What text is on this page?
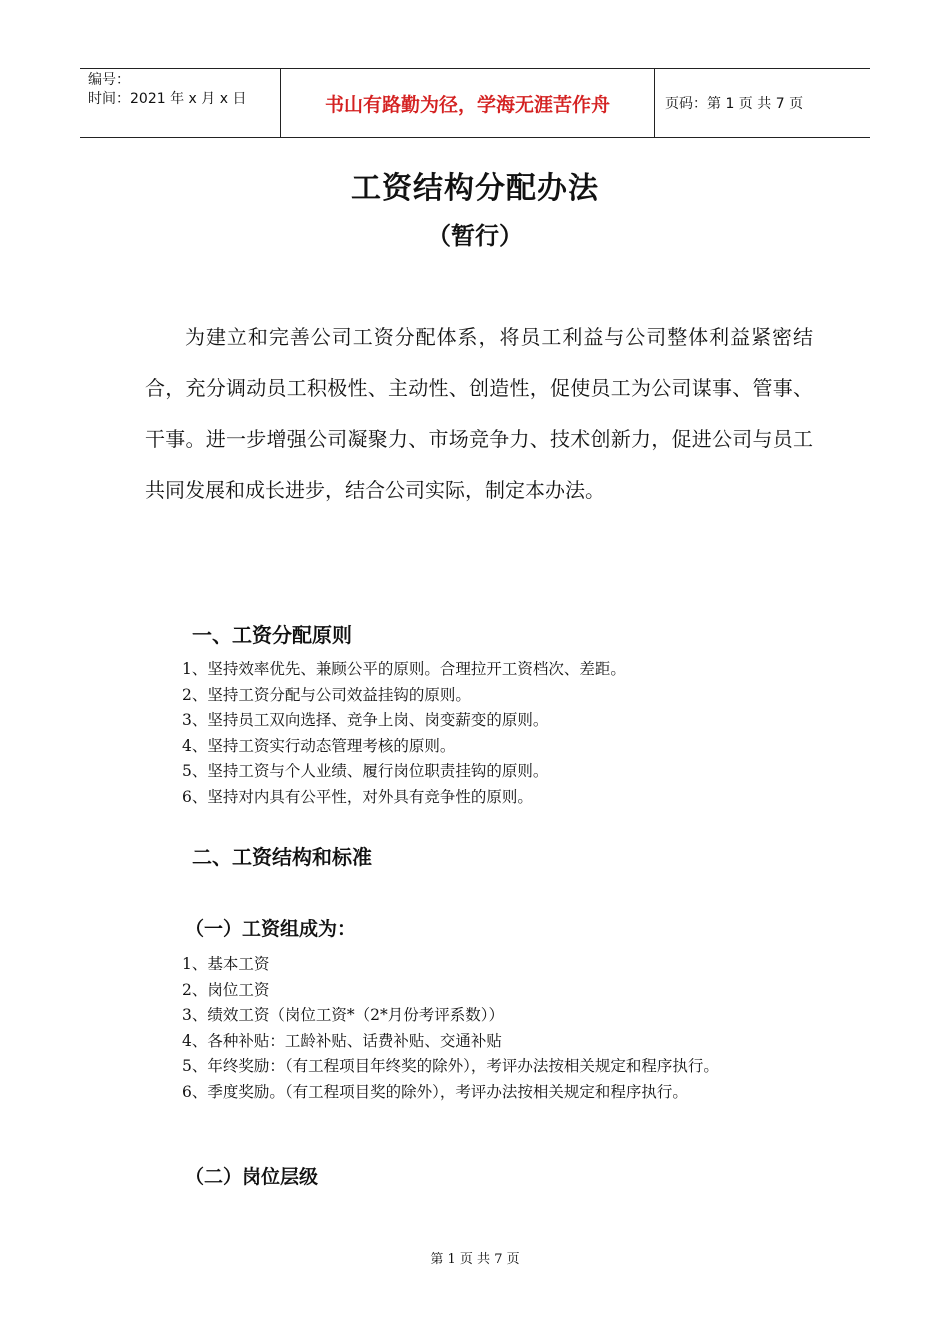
编号：
时间：2021 年 x 月 x 日	书山有路勤为径，学海无涯苦作舟	页码：第 1 页 共 7 页
工资结构分配办法
（暂行）
为建立和完善公司工资分配体系，将员工利益与公司整体利益紧密结合，充分调动员工积极性、主动性、创造性，促使员工为公司谋事、管事、干事。进一步增强公司凝聚力、市场竞争力、技术创新力，促进公司与员工共同发展和成长进步，结合公司实际，制定本办法。
一、工资分配原则
1、坚持效率优先、兼顾公平的原则。合理拉开工资档次、差距。
2、坚持工资分配与公司效益挂钩的原则。
3、坚持员工双向选择、竞争上岗、岗变薪变的原则。
4、坚持工资实行动态管理考核的原则。
5、坚持工资与个人业绩、履行岗位职责挂钩的原则。
6、坚持对内具有公平性，对外具有竞争性的原则。
二、工资结构和标准
（一）工资组成为：
1、基本工资
2、岗位工资
3、绩效工资（岗位工资*（2*月份考评系数））
4、各种补贴：工龄补贴、话费补贴、交通补贴
5、年终奖励：（有工程项目年终奖的除外），考评办法按相关规定和程序执行。
6、季度奖励。（有工程项目奖的除外），考评办法按相关规定和程序执行。
（二）岗位层级
第 1 页 共 7 页
